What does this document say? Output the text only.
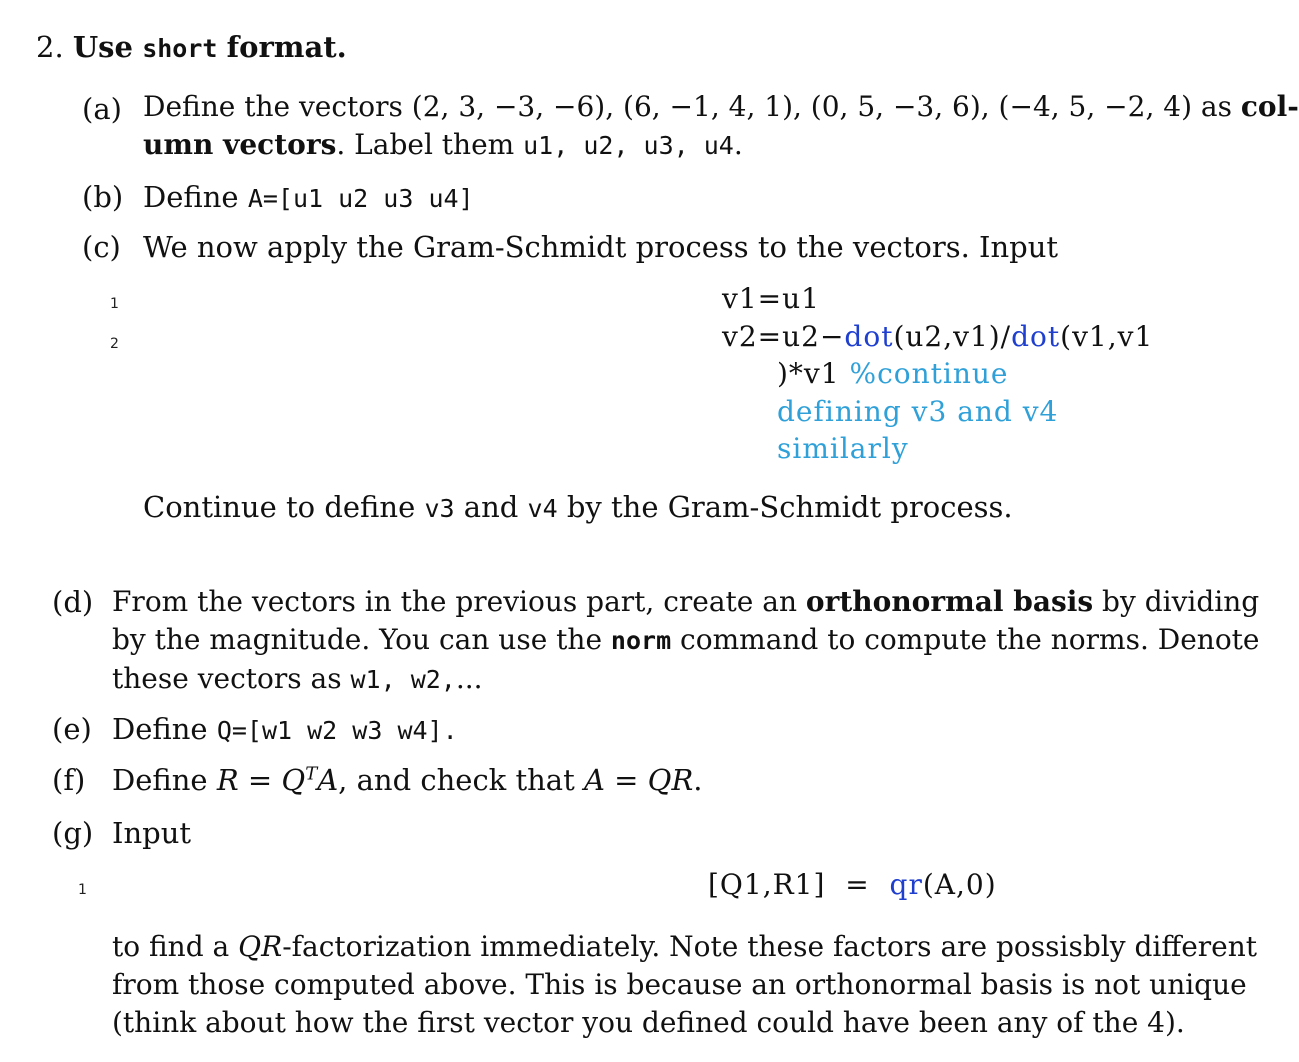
2. Use short format.
(a) Define the vectors (2, 3, −3, −6), (6, −1, 4, 1), (0, 5, −3, 6), (−4, 5, −2, 4) as col-
umn vectors. Label them u1, u2, u3, u4.
(b) Define A=[u1 u2 u3 u4]
(c) We now apply the Gram-Schmidt process to the vectors. Input
1	v1=u1
2	v2=u2−dot(u2,v1)/dot(v1,v1
)*v1 %continue
defining v3 and v4
similarly
Continue to define v3 and v4 by the Gram-Schmidt process.
(d) From the vectors in the previous part, create an orthonormal basis by dividing
by the magnitude. You can use the norm command to compute the norms. Denote
these vectors as w1, w2,...
(e) Define Q=[w1 w2 w3 w4].
(f) Define $R = Q^TA$, and check that A = QR.
(g) Input
1	[Q1,R1] = qr(A,0)
to find a QR-factorization immediately. Note these factors are possisbly different
from those computed above. This is because an orthonormal basis is not unique
(think about how the first vector you defined could have been any of the 4).
